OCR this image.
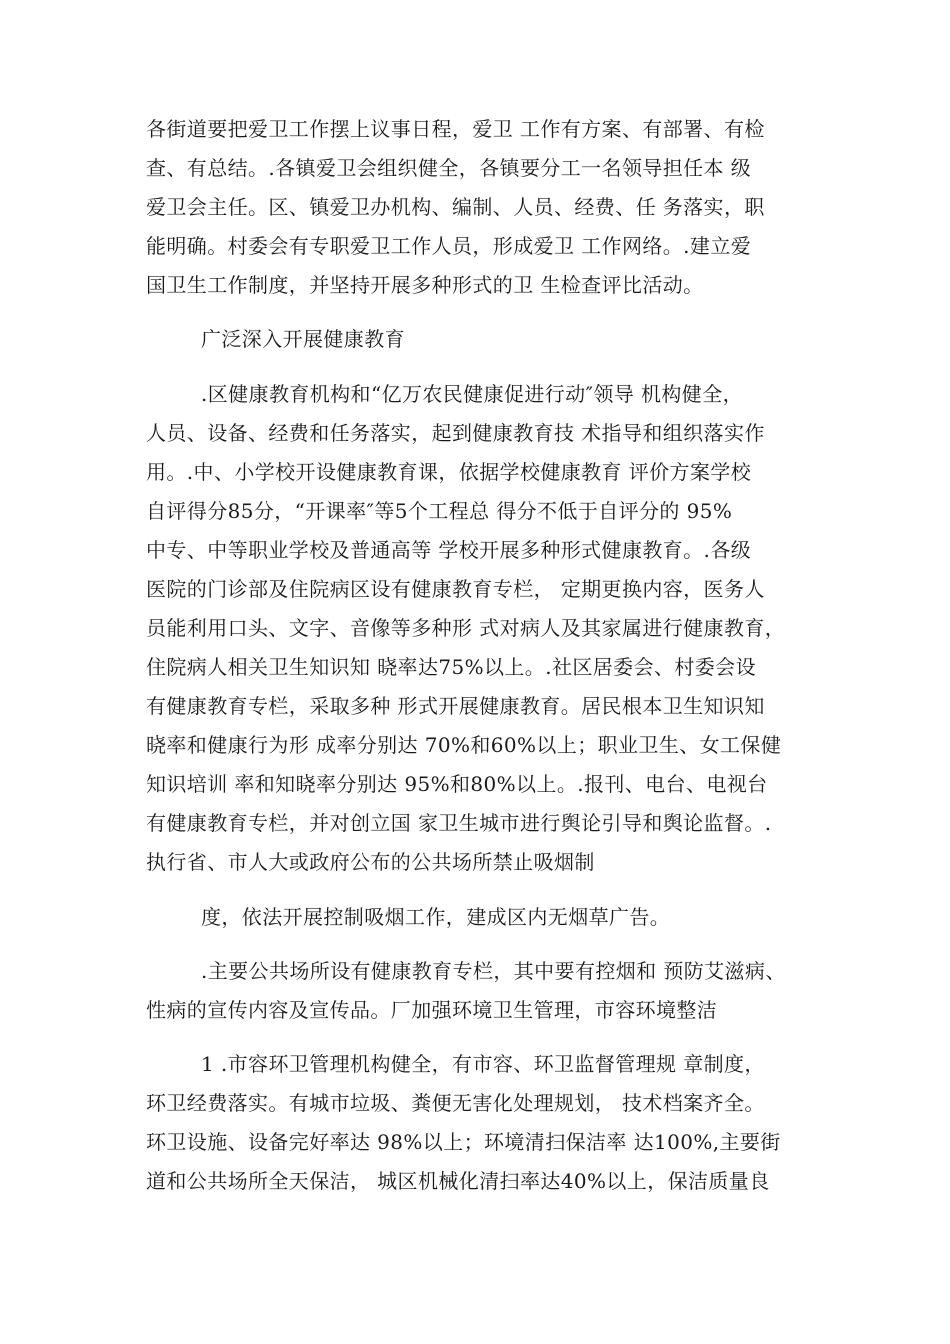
各街道要把爱卫工作摆上议事日程，爱卫 工作有方案、有部署、有检
查、有总结。.各镇爱卫会组织健全，各镇要分工一名领导担任本 级
爱卫会主任。区、镇爱卫办机构、编制、人员、经费、任 务落实，职
能明确。村委会有专职爱卫工作人员，形成爱卫 工作网络。.建立爱
国卫生工作制度，并坚持开展多种形式的卫 生检查评比活动。
广泛深入开展健康教育
.区健康教育机构和“亿万农民健康促进行动″领导 机构健全，
人员、设备、经费和任务落实，起到健康教育技 术指导和组织落实作
用。.中、小学校开设健康教育课，依据学校健康教育 评价方案学校
自评得分85分，“开课率″等5个工程总 得分不低于自评分的 95%
中专、中等职业学校及普通高等 学校开展多种形式健康教育。.各级
医院的门诊部及住院病区设有健康教育专栏， 定期更换内容，医务人
员能利用口头、文字、音像等多种形 式对病人及其家属进行健康教育，
住院病人相关卫生知识知 晓率达75%以上。.社区居委会、村委会设
有健康教育专栏，采取多种 形式开展健康教育。居民根本卫生知识知
晓率和健康行为形 成率分别达 70%和60%以上；职业卫生、女工保健
知识培训 率和知晓率分别达 95%和80%以上。.报刊、电台、电视台
有健康教育专栏，并对创立国 家卫生城市进行舆论引导和舆论监督。.
执行省、市人大或政府公布的公共场所禁止吸烟制
度，依法开展控制吸烟工作，建成区内无烟草广告。
.主要公共场所设有健康教育专栏，其中要有控烟和 预防艾滋病、
性病的宣传内容及宣传品。厂加强环境卫生管理，市容环境整洁
1 .市容环卫管理机构健全，有市容、环卫监督管理规 章制度，
环卫经费落实。有城市垃圾、粪便无害化处理规划， 技术档案齐全。
环卫设施、设备完好率达 98%以上；环境清扫保洁率 达100%,主要街
道和公共场所全天保洁， 城区机械化清扫率达40%以上，保洁质量良
